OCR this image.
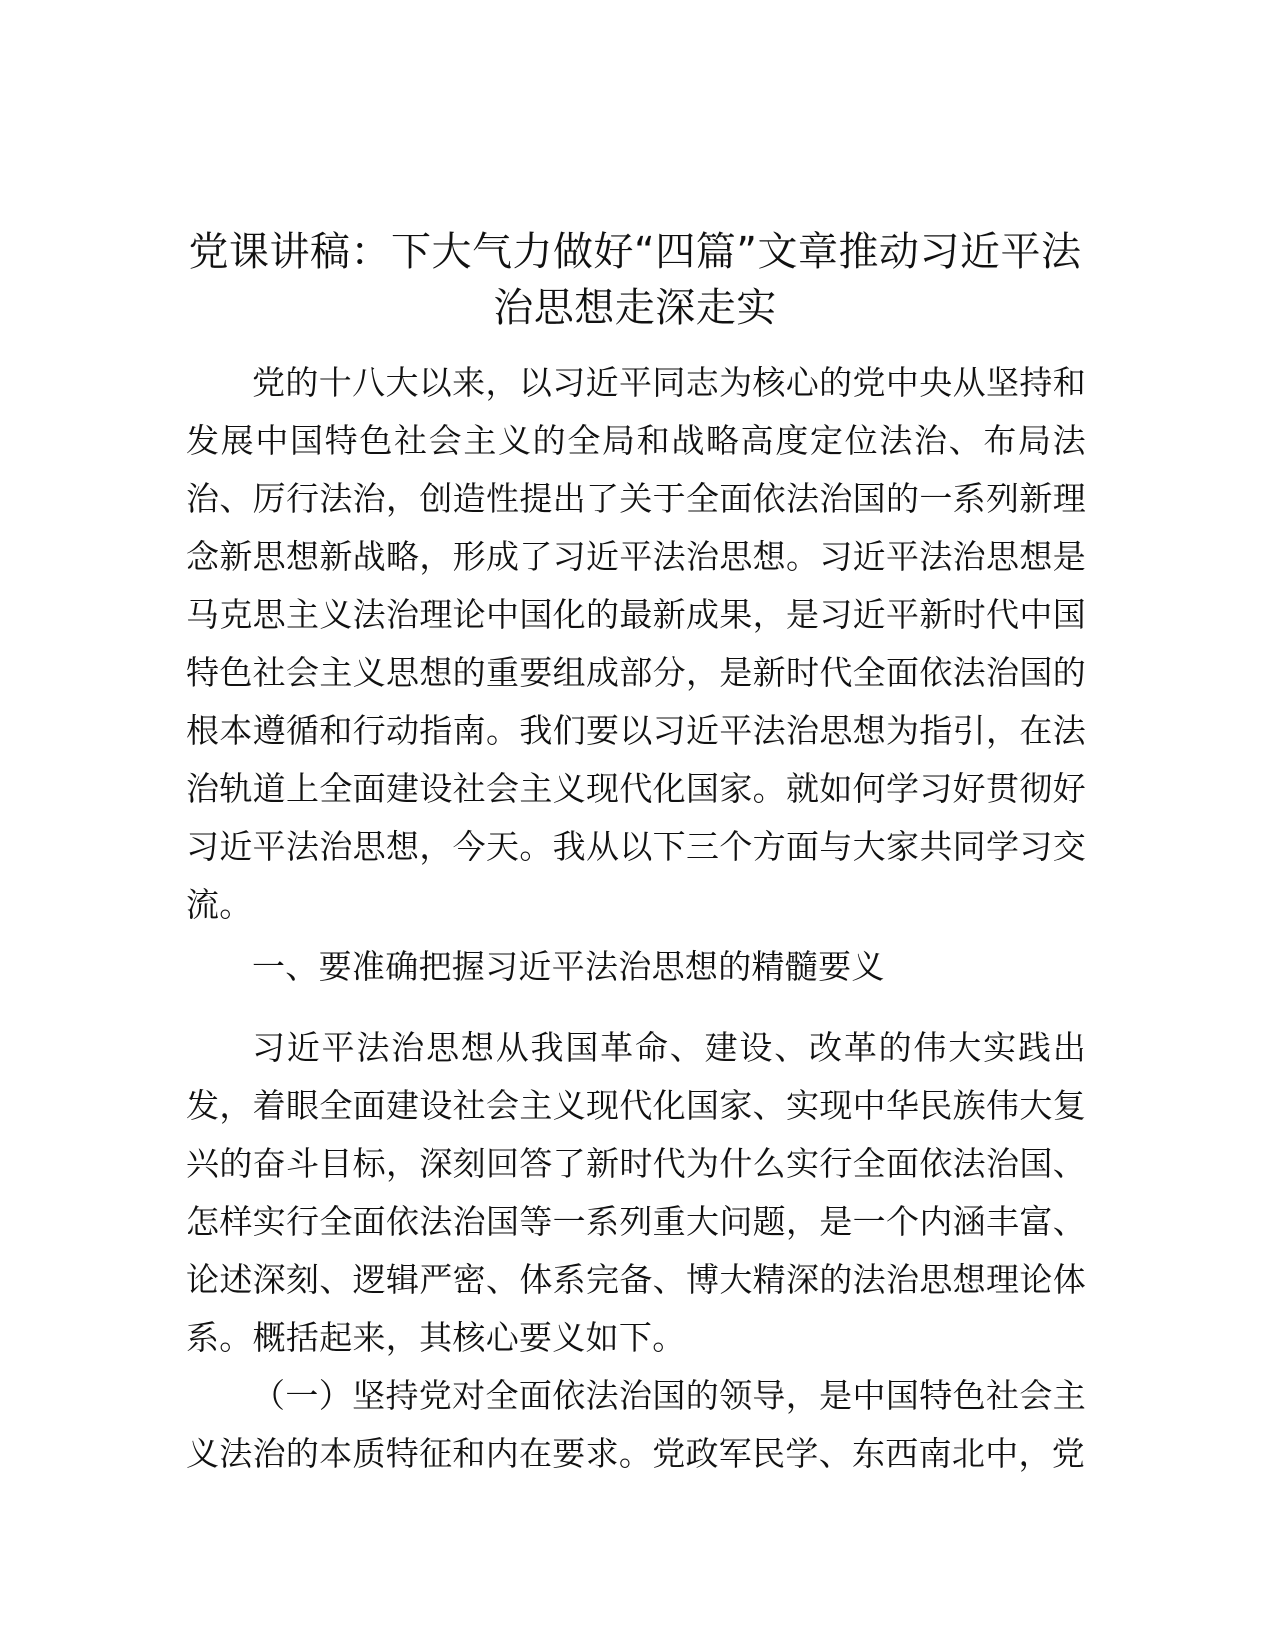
党课讲稿：下大气力做好“四篇”文章推动习近平法治思想走深走实

党的十八大以来，以习近平同志为核心的党中央从坚持和发展中国特色社会主义的全局和战略高度定位法治、布局法治、厉行法治，创造性提出了关于全面依法治国的一系列新理念新思想新战略，形成了习近平法治思想。习近平法治思想是马克思主义法治理论中国化的最新成果，是习近平新时代中国特色社会主义思想的重要组成部分，是新时代全面依法治国的根本遵循和行动指南。我们要以习近平法治思想为指引，在法治轨道上全面建设社会主义现代化国家。就如何学习好贯彻好习近平法治思想，今天。我从以下三个方面与大家共同学习交流。

一、要准确把握习近平法治思想的精髓要义

习近平法治思想从我国革命、建设、改革的伟大实践出发，着眼全面建设社会主义现代化国家、实现中华民族伟大复兴的奋斗目标，深刻回答了新时代为什么实行全面依法治国、怎样实行全面依法治国等一系列重大问题，是一个内涵丰富、论述深刻、逻辑严密、体系完备、博大精深的法治思想理论体系。概括起来，其核心要义如下。

（一）坚持党对全面依法治国的领导，是中国特色社会主义法治的本质特征和内在要求。党政军民学、东西南北中，党
